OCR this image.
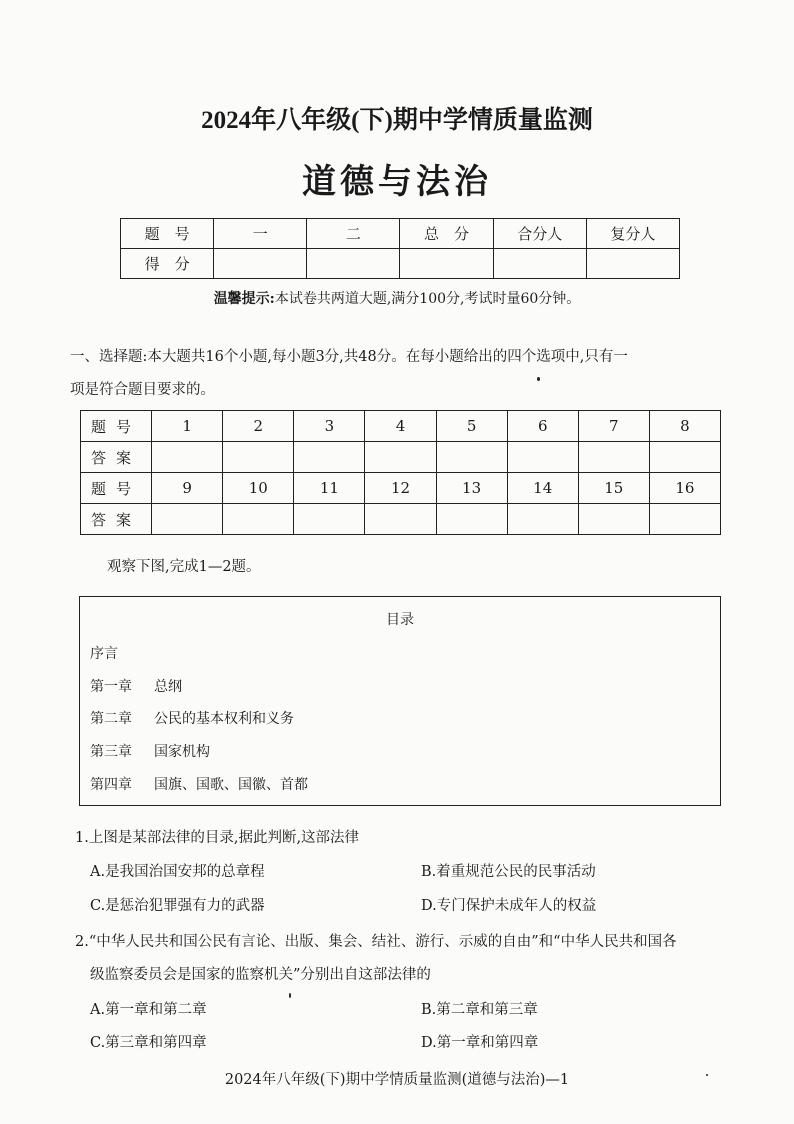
2024年八年级(下)期中学情质量监测
道德与法治
题　号	一	二	总　分	合分人	复分人
得　分					
温馨提示:本试卷共两道大题,满分100分,考试时量60分钟。
一、选择题:本大题共16个小题,每小题3分,共48分。在每小题给出的四个选项中,只有一
项是符合题目要求的。
题号	1	2	3	4	5	6	7	8
答案								
题号	9	10	11	12	13	14	15	16
答案								
观察下图,完成1—2题。
目录
序言
第一章 总纲
第二章 公民的基本权利和义务
第三章 国家机构
第四章 国旗、国歌、国徽、首都
1.上图是某部法律的目录,据此判断,这部法律
A.是我国治国安邦的总章程	B.着重规范公民的民事活动
C.是惩治犯罪强有力的武器	D.专门保护未成年人的权益
2.“中华人民共和国公民有言论、出版、集会、结社、游行、示威的自由”和“中华人民共和国各
级监察委员会是国家的监察机关”分别出自这部法律的
A.第一章和第二章	B.第二章和第三章
C.第三章和第四章	D.第一章和第四章
2024年八年级(下)期中学情质量监测(道德与法治)—1
